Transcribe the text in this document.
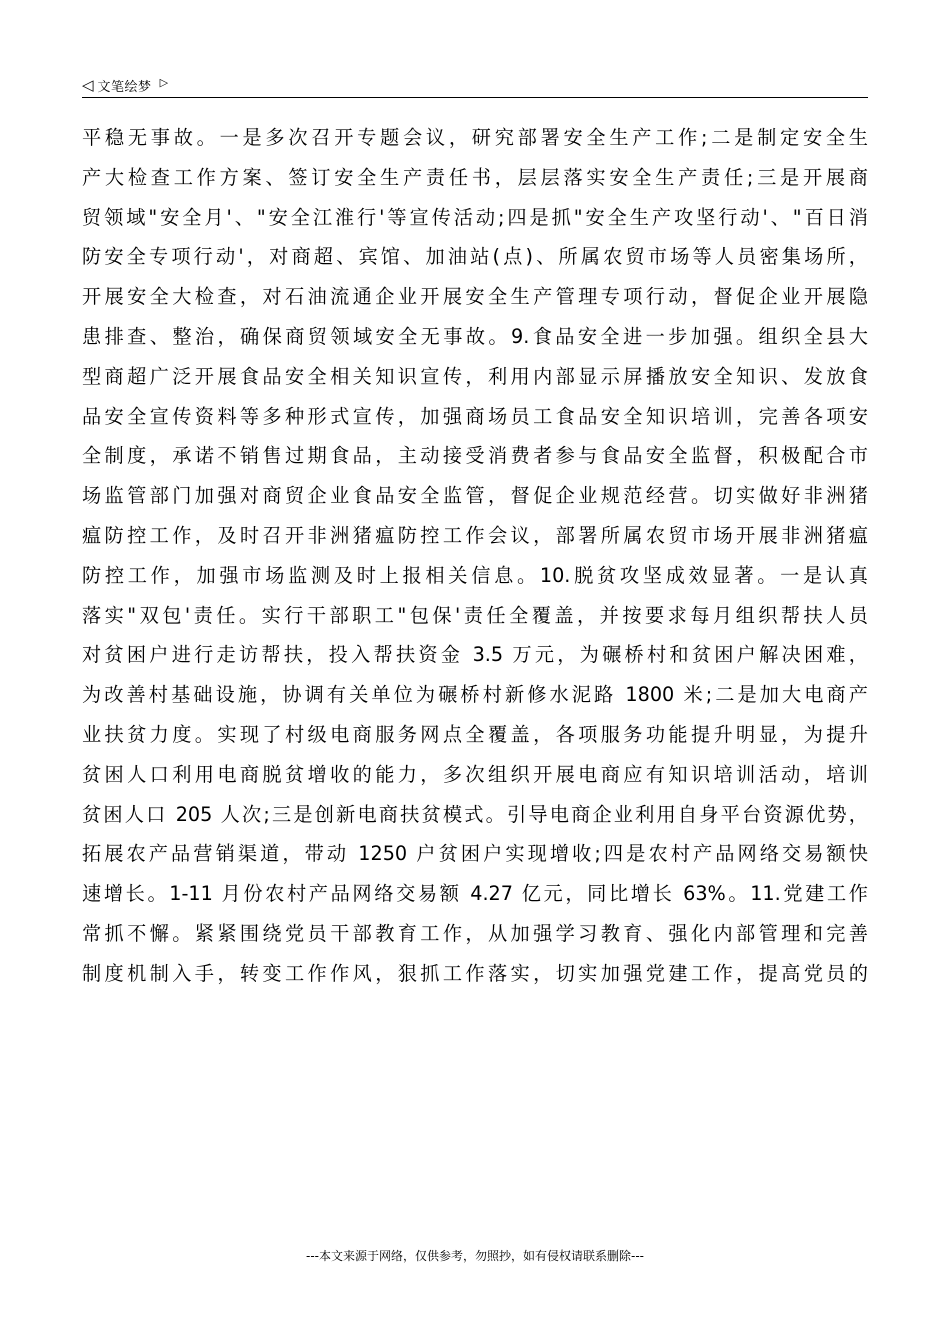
◁ 文笔绘梦 ▷
平稳无事故。一是多次召开专题会议，研究部署安全生产工作;二是制定安全生
产大检查工作方案、签订安全生产责任书，层层落实安全生产责任;三是开展商
贸领域"安全月'、"安全江淮行'等宣传活动;四是抓"安全生产攻坚行动'、"百日消
防安全专项行动'，对商超、宾馆、加油站(点)、所属农贸市场等人员密集场所，
开展安全大检查，对石油流通企业开展安全生产管理专项行动，督促企业开展隐
患排查、整治，确保商贸领域安全无事故。9.食品安全进一步加强。组织全县大
型商超广泛开展食品安全相关知识宣传，利用内部显示屏播放安全知识、发放食
品安全宣传资料等多种形式宣传，加强商场员工食品安全知识培训，完善各项安
全制度，承诺不销售过期食品，主动接受消费者参与食品安全监督，积极配合市
场监管部门加强对商贸企业食品安全监管，督促企业规范经营。切实做好非洲猪
瘟防控工作，及时召开非洲猪瘟防控工作会议，部署所属农贸市场开展非洲猪瘟
防控工作，加强市场监测及时上报相关信息。10.脱贫攻坚成效显著。一是认真
落实"双包'责任。实行干部职工"包保'责任全覆盖，并按要求每月组织帮扶人员
对贫困户进行走访帮扶，投入帮扶资金 3.5 万元，为碾桥村和贫困户解决困难，
为改善村基础设施，协调有关单位为碾桥村新修水泥路 1800 米;二是加大电商产
业扶贫力度。实现了村级电商服务网点全覆盖，各项服务功能提升明显，为提升
贫困人口利用电商脱贫增收的能力，多次组织开展电商应有知识培训活动，培训
贫困人口 205 人次;三是创新电商扶贫模式。引导电商企业利用自身平台资源优势，
拓展农产品营销渠道，带动 1250 户贫困户实现增收;四是农村产品网络交易额快
速增长。1-11 月份农村产品网络交易额 4.27 亿元，同比增长 63%。11.党建工作
常抓不懈。紧紧围绕党员干部教育工作，从加强学习教育、强化内部管理和完善
制度机制入手，转变工作作风，狠抓工作落实，切实加强党建工作，提高党员的
---本文来源于网络，仅供参考，勿照抄，如有侵权请联系删除---
